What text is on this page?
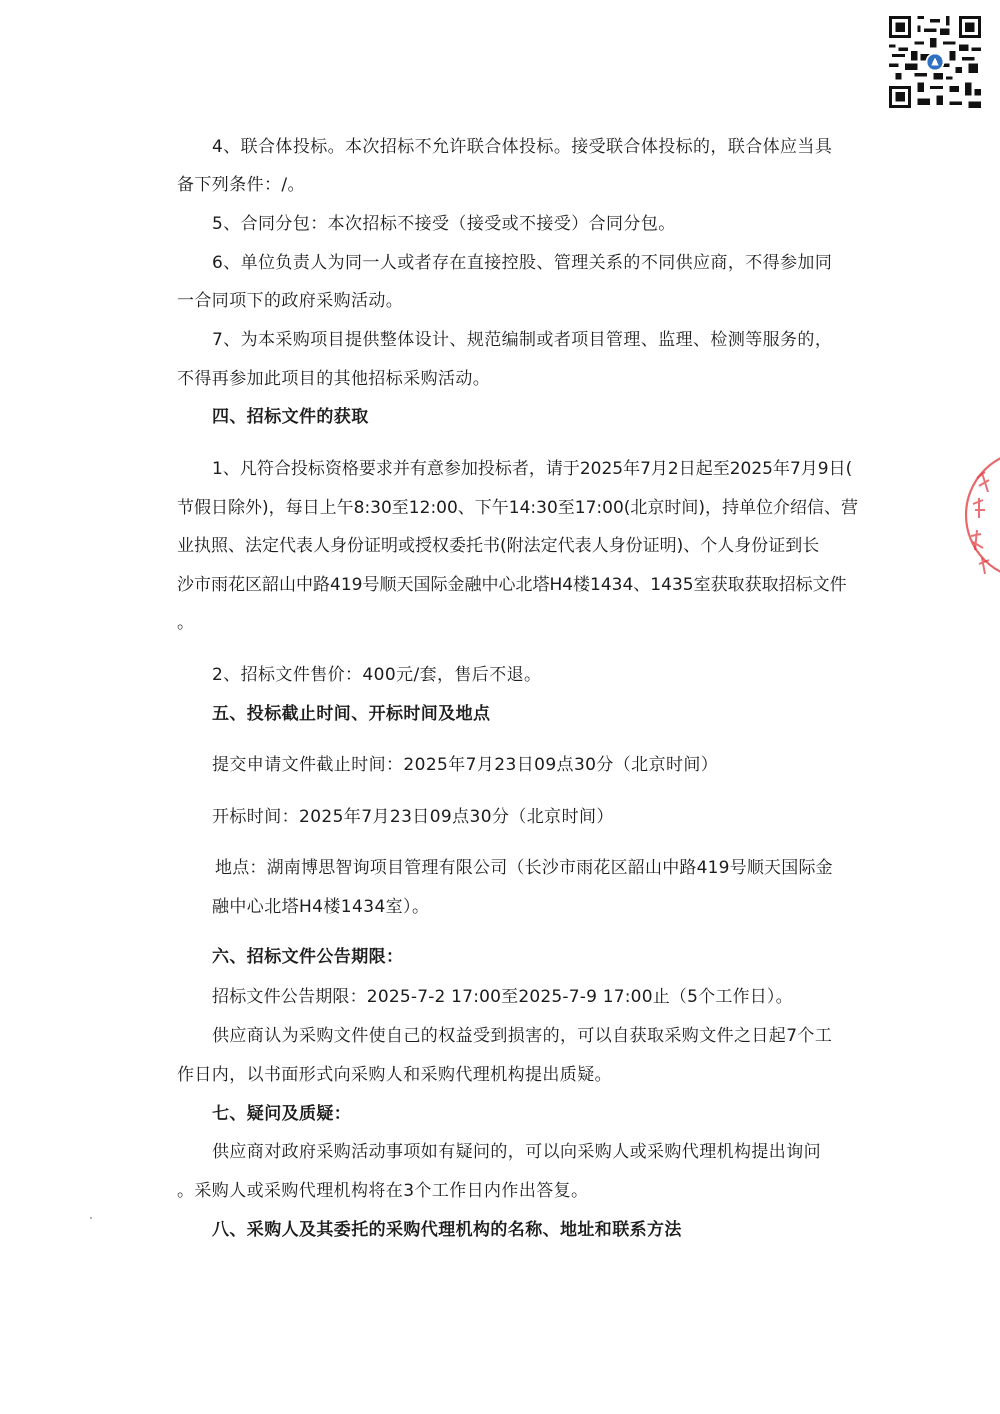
4、联合体投标。本次招标不允许联合体投标。接受联合体投标的，联合体应当具

备下列条件：/。

5、合同分包：本次招标不接受（接受或不接受）合同分包。

6、单位负责人为同一人或者存在直接控股、管理关系的不同供应商，不得参加同

一合同项下的政府采购活动。

7、为本采购项目提供整体设计、规范编制或者项目管理、监理、检测等服务的，

不得再参加此项目的其他招标采购活动。

四、招标文件的获取

1、凡符合投标资格要求并有意参加投标者，请于2025年7月2日起至2025年7月9日(

节假日除外)，每日上午8:30至12:00、下午14:30至17:00(北京时间)，持单位介绍信、营

业执照、法定代表人身份证明或授权委托书(附法定代表人身份证明)、个人身份证到长

沙市雨花区韶山中路419号顺天国际金融中心北塔H4楼1434、1435室获取获取招标文件

。

2、招标文件售价：400元/套，售后不退。

五、投标截止时间、开标时间及地点

提交申请文件截止时间：2025年7月23日09点30分（北京时间）

开标时间：2025年7月23日09点30分（北京时间）

地点：湖南博思智询项目管理有限公司（长沙市雨花区韶山中路419号顺天国际金

融中心北塔H4楼1434室）。

六、招标文件公告期限：

招标文件公告期限：2025-7-2 17:00至2025-7-9 17:00止（5个工作日）。

供应商认为采购文件使自己的权益受到损害的，可以自获取采购文件之日起7个工

作日内，以书面形式向采购人和采购代理机构提出质疑。

七、疑问及质疑：

供应商对政府采购活动事项如有疑问的，可以向采购人或采购代理机构提出询问

。采购人或采购代理机构将在3个工作日内作出答复。

八、采购人及其委托的采购代理机构的名称、地址和联系方法
